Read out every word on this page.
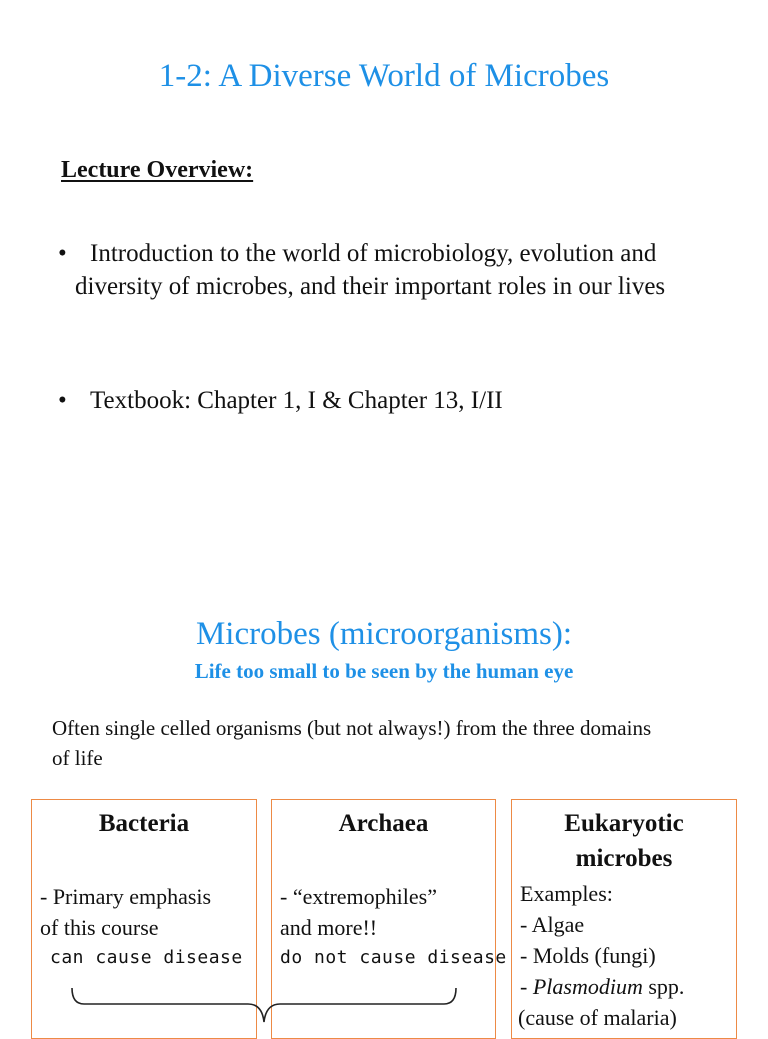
1-2: A Diverse World of Microbes
Lecture Overview:
• Introduction to the world of microbiology, evolution and diversity of microbes, and their important roles in our lives
• Textbook: Chapter 1, I & Chapter 13, I/II
Microbes (microorganisms):
Life too small to be seen by the human eye
Often single celled organisms (but not always!) from the three domains of life
Bacteria
- Primary emphasis
of this course
can cause disease
Archaea
- “extremophiles”
and more!!
do not cause disease
Eukaryotic
microbes
Examples:
- Algae
- Molds (fungi)
- Plasmodium spp.
(cause of malaria)
